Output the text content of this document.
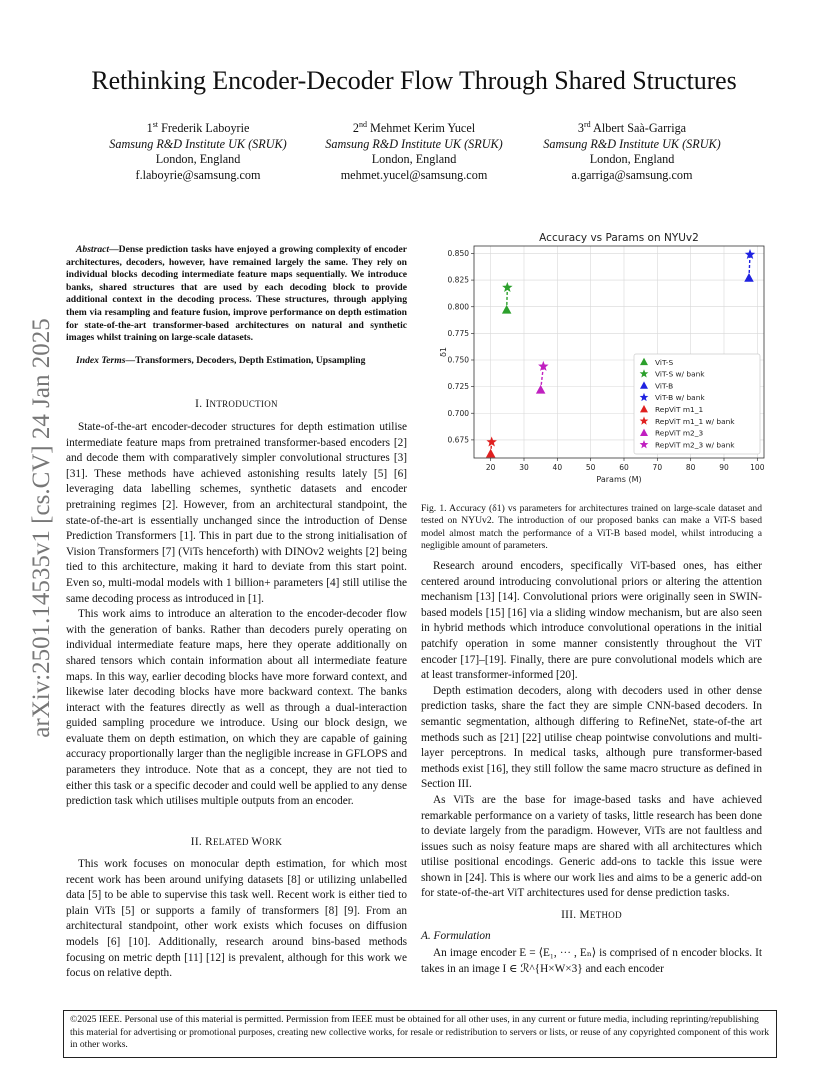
Rethinking Encoder-Decoder Flow Through Shared Structures
1st Frederik Laboyrie
Samsung R&D Institute UK (SRUK)
London, England
f.laboyrie@samsung.com
2nd Mehmet Kerim Yucel
Samsung R&D Institute UK (SRUK)
London, England
mehmet.yucel@samsung.com
3rd Albert Saà-Garriga
Samsung R&D Institute UK (SRUK)
London, England
a.garriga@samsung.com
arXiv:2501.14535v1 [cs.CV] 24 Jan 2025
Abstract—Dense prediction tasks have enjoyed a growing complexity of encoder architectures, decoders, however, have remained largely the same. They rely on individual blocks decoding intermediate feature maps sequentially. We introduce banks, shared structures that are used by each decoding block to provide additional context in the decoding process. These structures, through applying them via resampling and feature fusion, improve performance on depth estimation for state-of-the-art transformer-based architectures on natural and synthetic images whilst training on large-scale datasets.
Index Terms—Transformers, Decoders, Depth Estimation, Upsampling
I. INTRODUCTION

State-of-the-art encoder-decoder structures for depth estimation utilise intermediate feature maps from pretrained transformer-based encoders [2] and decode them with comparatively simpler convolutional structures [3] [31]. These methods have achieved astonishing results lately [5] [6] leveraging data labelling schemes, synthetic datasets and encoder pretraining regimes [2]. However, from an architectural standpoint, the state-of-the-art is essentially unchanged since the introduction of Dense Prediction Transformers [1]. This in part due to the strong initialisation of Vision Transformers [7] (ViTs henceforth) with DINOv2 weights [2] being tied to this architecture, making it hard to deviate from this start point. Even so, multi-modal models with 1 billion+ parameters [4] still utilise the same decoding process as introduced in [1].

This work aims to introduce an alteration to the encoder-decoder flow with the generation of banks. Rather than decoders purely operating on individual intermediate feature maps, here they operate additionally on shared tensors which contain information about all intermediate feature maps. In this way, earlier decoding blocks have more forward context, and likewise later decoding blocks have more backward context. The banks interact with the features directly as well as through a dual-interaction guided sampling procedure we introduce. Using our block design, we evaluate them on depth estimation, on which they are capable of gaining accuracy proportionally larger than the negligible increase in GFLOPS and parameters they introduce. Note that as a concept, they are not tied to either this task or a specific decoder and could well be applied to any dense prediction task which utilises multiple outputs from an encoder.

II. RELATED WORK

This work focuses on monocular depth estimation, for which most recent work has been around unifying datasets [8] or utilizing unlabelled data [5] to be able to supervise this task well. Recent work is either tied to plain ViTs [5] or supports a family of transformers [8] [9]. From an architectural standpoint, other work exists which focuses on diffusion models [6] [10]. Additionally, research around bins-based methods focusing on metric depth [11] [12] is prevalent, although for this work we focus on relative depth.

Accuracy vs Params on NYUv2
20	30	40	50	60	70	80	90	100
0.675
0.700
0.725
0.750
0.775
0.800
0.825
0.850
Params (M)
δ1
ViT-S
ViT-S w/ bank
ViT-B
ViT-B w/ bank
RepViT m1_1
RepViT m1_1 w/ bank
RepViT m2_3
RepViT m2_3 w/ bank
Fig. 1. Accuracy (δ1) vs parameters for architectures trained on large-scale dataset and tested on NYUv2. The introduction of our proposed banks can make a ViT-S based model almost match the performance of a ViT-B based model, whilst introducing a negligible amount of parameters.

Research around encoders, specifically ViT-based ones, has either centered around introducing convolutional priors or altering the attention mechanism [13] [14]. Convolutional priors were originally seen in SWIN-based models [15] [16] via a sliding window mechanism, but are also seen in hybrid methods which introduce convolutional operations in the initial patchify operation in some manner consistently throughout the ViT encoder [17]–[19]. Finally, there are pure convolutional models which are at least transformer-informed [20].

Depth estimation decoders, along with decoders used in other dense prediction tasks, share the fact they are simple CNN-based decoders. In semantic segmentation, although differing to RefineNet, state-of-the art methods such as [21] [22] utilise cheap pointwise convolutions and multi-layer perceptrons. In medical tasks, although pure transformer-based methods exist [16], they still follow the same macro structure as defined in Section III.

As ViTs are the base for image-based tasks and have achieved remarkable performance on a variety of tasks, little research has been done to deviate largely from the paradigm. However, ViTs are not faultless and issues such as noisy feature maps are shared with all architectures which utilise positional encodings. Generic add-ons to tackle this issue were shown in [24]. This is where our work lies and aims to be a generic add-on for state-of-the-art ViT architectures used for dense prediction tasks.

III. METHOD
A. Formulation

An image encoder E = ⟨E₁, ··· , Eₙ⟩ is comprised of n encoder blocks. It takes in an image I ∈ ℛ^{H×W×3} and each encoder

©2025 IEEE. Personal use of this material is permitted. Permission from IEEE must be obtained for all other uses, in any current or future media, including reprinting/republishing this material for advertising or promotional purposes, creating new collective works, for resale or redistribution to servers or lists, or reuse of any copyrighted component of this work in other works.
